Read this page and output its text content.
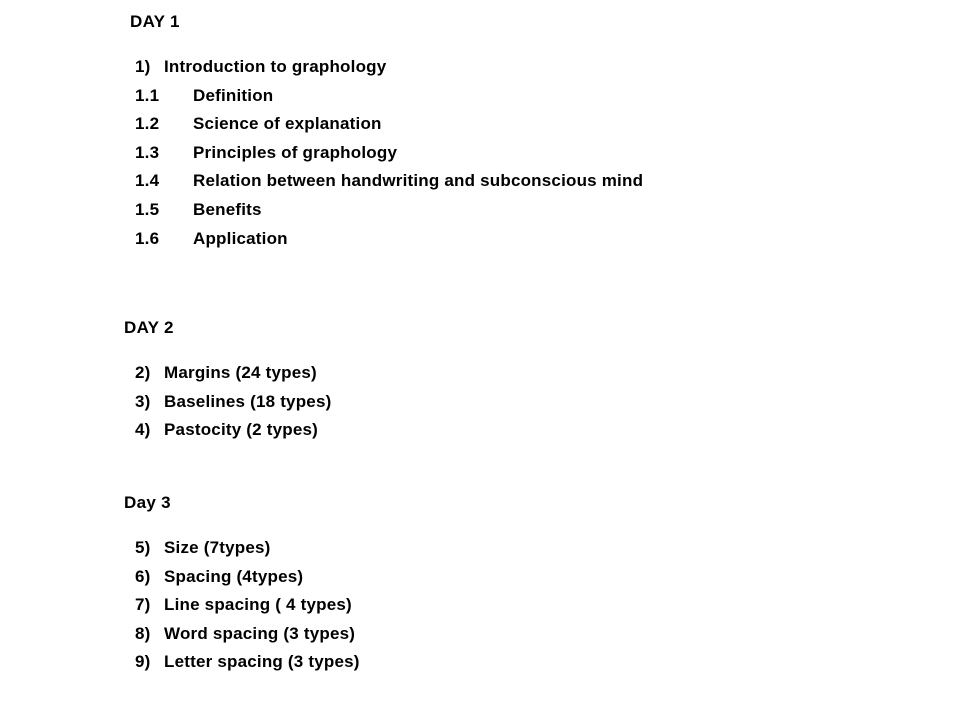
DAY 1
1) Introduction to graphology
1.1	Definition
1.2	Science of explanation
1.3	Principles of graphology
1.4	Relation between handwriting and subconscious mind
1.5	Benefits
1.6	Application
DAY 2
2) Margins (24 types)
3) Baselines (18 types)
4) Pastocity (2 types)
Day 3
5) Size (7types)
6) Spacing (4types)
7) Line spacing ( 4 types)
8) Word spacing (3 types)
9) Letter spacing (3 types)
